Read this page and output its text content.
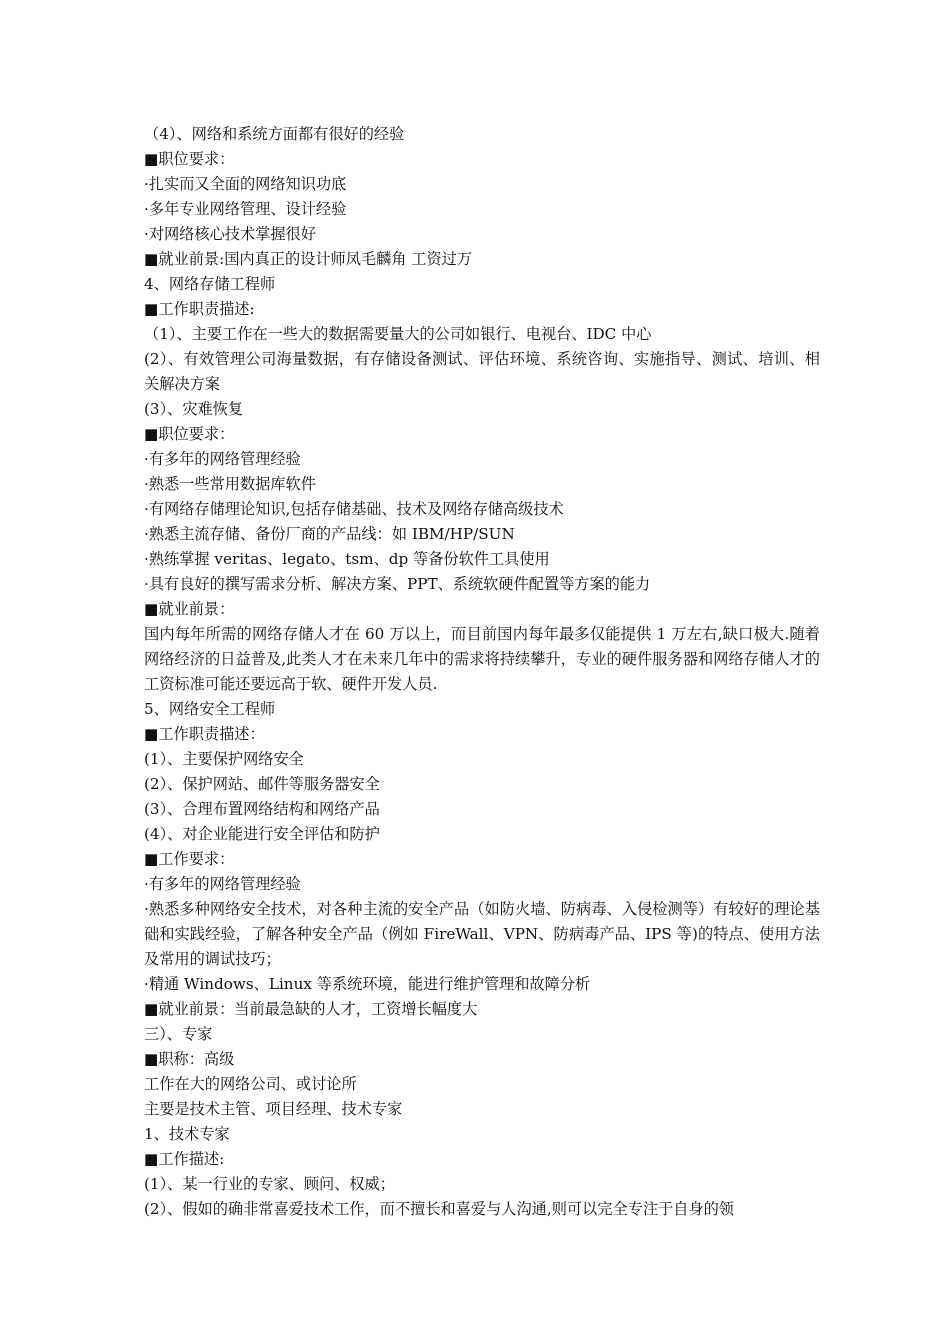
（4）、网络和系统方面都有很好的经验
■职位要求：
·扎实而又全面的网络知识功底
·多年专业网络管理、设计经验
·对网络核心技术掌握很好
■就业前景:国内真正的设计师凤毛麟角 工资过万
4、网络存储工程师
■工作职责描述:
（1）、主要工作在一些大的数据需要量大的公司如银行、电视台、IDC 中心
(2）、有效管理公司海量数据，有存储设备测试、评估环境、系统咨询、实施指导、测试、培训、相关解决方案
(3）、灾难恢复
■职位要求：
·有多年的网络管理经验
·熟悉一些常用数据库软件
·有网络存储理论知识,包括存储基础、技术及网络存储高级技术
·熟悉主流存储、备份厂商的产品线：如 IBM/HP/SUN
·熟练掌握 veritas、legato、tsm、dp 等备份软件工具使用
·具有良好的撰写需求分析、解决方案、PPT、系统软硬件配置等方案的能力
■就业前景：
国内每年所需的网络存储人才在 60 万以上，而目前国内每年最多仅能提供 1 万左右,缺口极大.随着网络经济的日益普及,此类人才在未来几年中的需求将持续攀升，专业的硬件服务器和网络存储人才的工资标准可能还要远高于软、硬件开发人员.
5、网络安全工程师
■工作职责描述：
(1）、主要保护网络安全
(2）、保护网站、邮件等服务器安全
(3）、合理布置网络结构和网络产品
(4）、对企业能进行安全评估和防护
■工作要求：
·有多年的网络管理经验
·熟悉多种网络安全技术，对各种主流的安全产品（如防火墙、防病毒、入侵检测等）有较好的理论基础和实践经验，了解各种安全产品（例如 FireWall、VPN、防病毒产品、IPS 等)的特点、使用方法及常用的调试技巧；
·精通 Windows、Linux 等系统环境，能进行维护管理和故障分析
■就业前景：当前最急缺的人才，工资增长幅度大
三）、专家
■职称：高级
工作在大的网络公司、或讨论所
主要是技术主管、项目经理、技术专家
1、技术专家
■工作描述:
(1）、某一行业的专家、顾问、权威；
(2）、假如的确非常喜爱技术工作，而不擅长和喜爱与人沟通,则可以完全专注于自身的领
